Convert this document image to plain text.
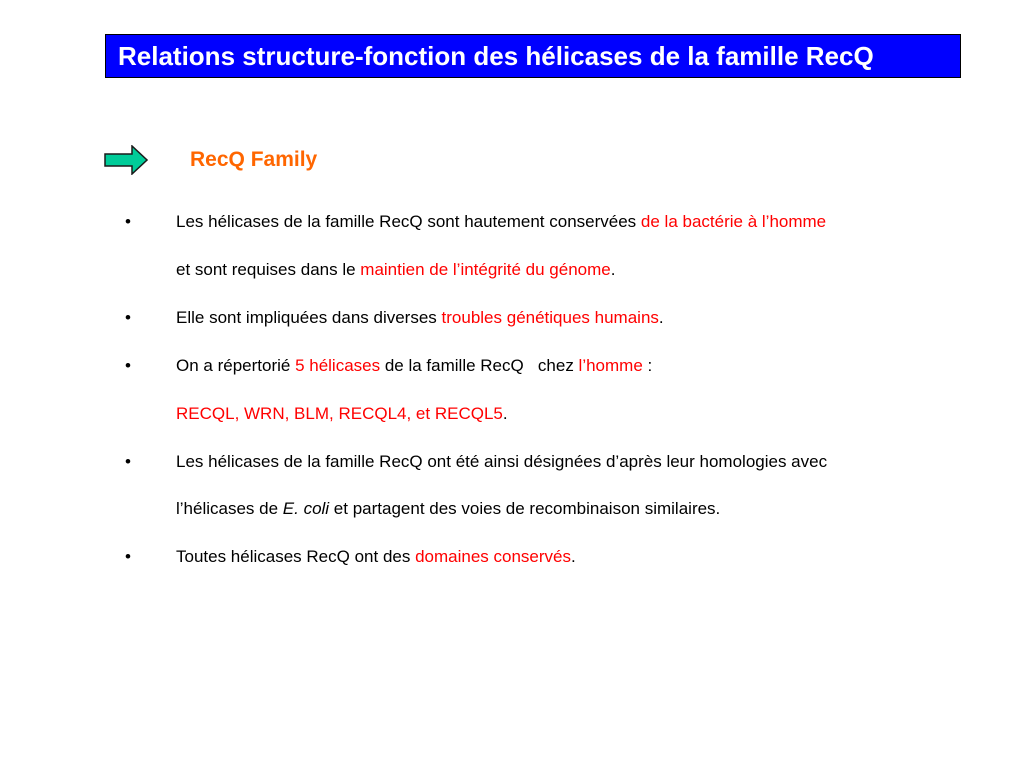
Relations structure-fonction des hélicases de la famille RecQ
RecQ Family
•	Les hélicases de la famille RecQ sont hautement conservées de la bactérie à l’homme
et sont requises dans le maintien de l’intégrité du génome.
•	Elle sont impliquées dans diverses troubles génétiques humains.
•	On a répertorié 5 hélicases de la famille RecQ   chez l’homme :
RECQL, WRN, BLM, RECQL4, et RECQL5.
•	Les hélicases de la famille RecQ ont été ainsi désignées d’après leur homologies avec
l’hélicases de E. coli et partagent des voies de recombinaison similaires.
•	Toutes hélicases RecQ ont des domaines conservés.
